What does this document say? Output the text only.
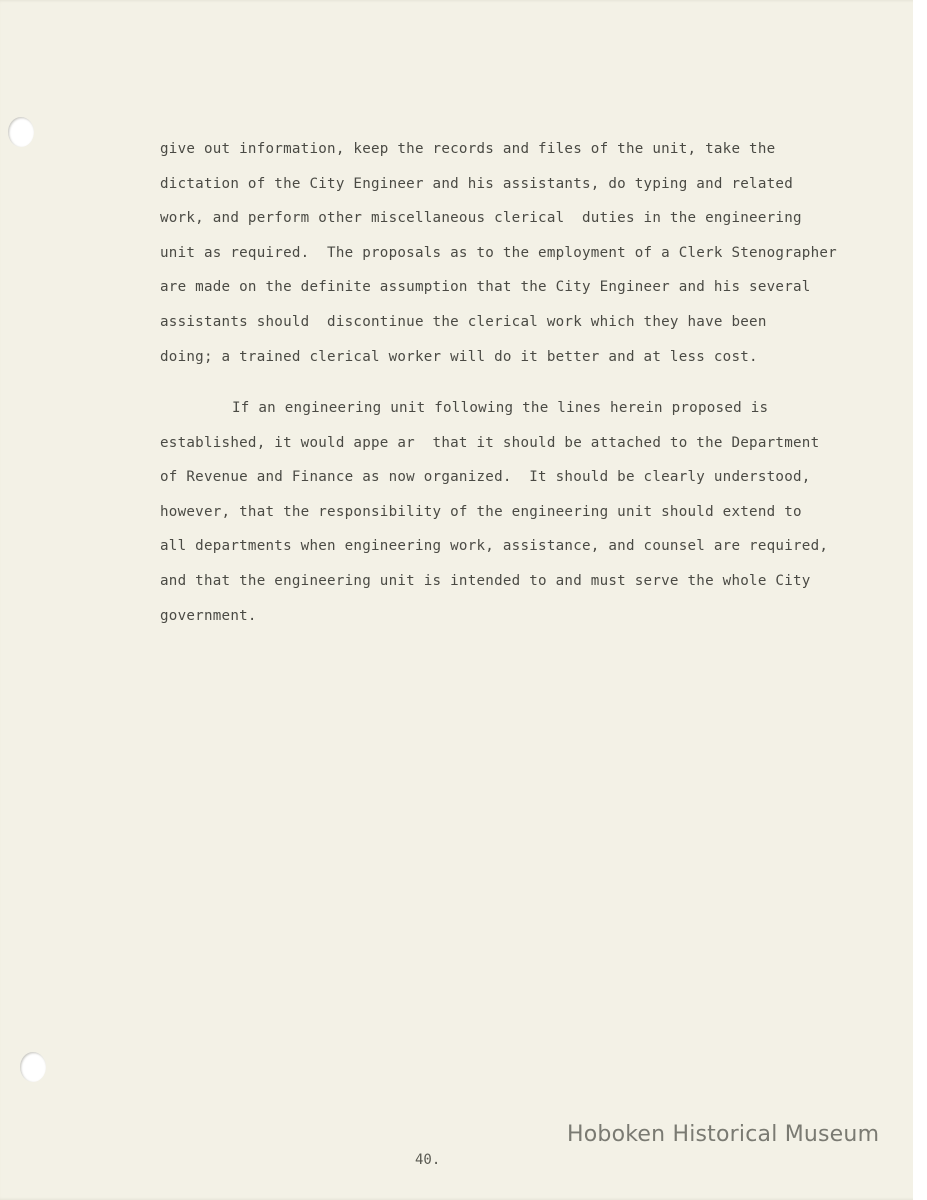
give out information, keep the records and files of the unit, take the
dictation of the City Engineer and his assistants, do typing and related
work, and perform other miscellaneous clerical  duties in the engineering
unit as required.  The proposals as to the employment of a Clerk Stenographer
are made on the definite assumption that the City Engineer and his several
assistants should  discontinue the clerical work which they have been
doing; a trained clerical worker will do it better and at less cost.
If an engineering unit following the lines herein proposed is
established, it would appe ar  that it should be attached to the Department
of Revenue and Finance as now organized.  It should be clearly understood,
however, that the responsibility of the engineering unit should extend to
all departments when engineering work, assistance, and counsel are required,
and that the engineering unit is intended to and must serve the whole City
government.
40.
Hoboken Historical Museum
